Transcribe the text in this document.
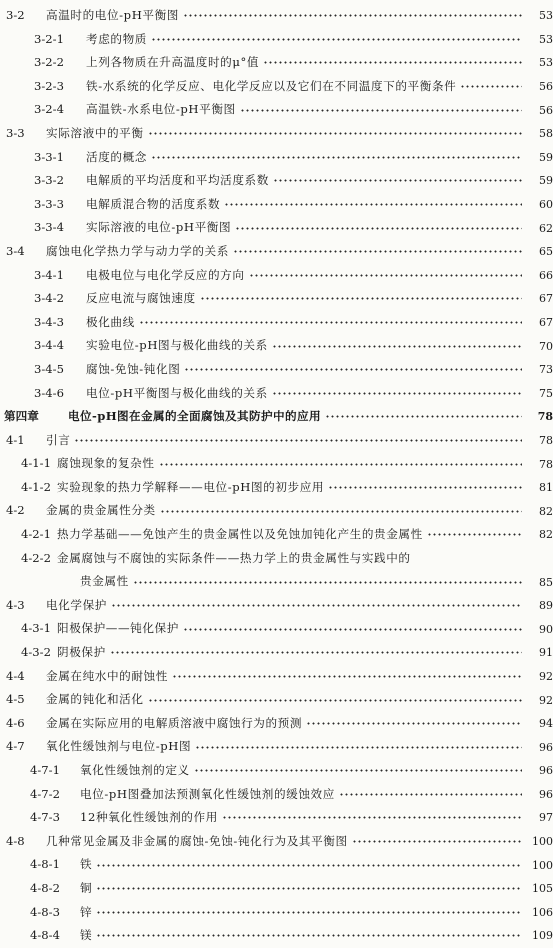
3-2	高温时的电位-pH平衡图	53
3-2-1	考虑的物质	53
3-2-2	上列各物质在升高温度时的μ°值	53
3-2-3	铁-水系统的化学反应、电化学反应以及它们在不同温度下的平衡条件	56
3-2-4	高温铁-水系电位-pH平衡图	56
3-3	实际溶液中的平衡	58
3-3-1	活度的概念	59
3-3-2	电解质的平均活度和平均活度系数	59
3-3-3	电解质混合物的活度系数	60
3-3-4	实际溶液的电位-pH平衡图	62
3-4	腐蚀电化学热力学与动力学的关系	65
3-4-1	电极电位与电化学反应的方向	66
3-4-2	反应电流与腐蚀速度	67
3-4-3	极化曲线	67
3-4-4	实验电位-pH图与极化曲线的关系	70
3-4-5	腐蚀-免蚀-钝化图	73
3-4-6	电位-pH平衡图与极化曲线的关系	75
第四章	电位-pH图在金属的全面腐蚀及其防护中的应用	78
4-1	引言	78
4-1-1 腐蚀现象的复杂性	78
4-1-2 实验现象的热力学解释——电位-pH图的初步应用	81
4-2	金属的贵金属性分类	82
4-2-1 热力学基础——免蚀产生的贵金属性以及免蚀加钝化产生的贵金属性	82
4-2-2 金属腐蚀与不腐蚀的实际条件——热力学上的贵金属性与实践中的
贵金属性	85
4-3	电化学保护	89
4-3-1 阳极保护——钝化保护	90
4-3-2 阴极保护	91
4-4	金属在纯水中的耐蚀性	92
4-5	金属的钝化和活化	92
4-6	金属在实际应用的电解质溶液中腐蚀行为的预测	94
4-7	氧化性缓蚀剂与电位-pH图	96
4-7-1	氧化性缓蚀剂的定义	96
4-7-2	电位-pH图叠加法预测氧化性缓蚀剂的缓蚀效应	96
4-7-3	12种氧化性缓蚀剂的作用	97
4-8	几种常见金属及非金属的腐蚀-免蚀-钝化行为及其平衡图	100
4-8-1	铁	100
4-8-2	铜	105
4-8-3	锌	106
4-8-4	镁	109
